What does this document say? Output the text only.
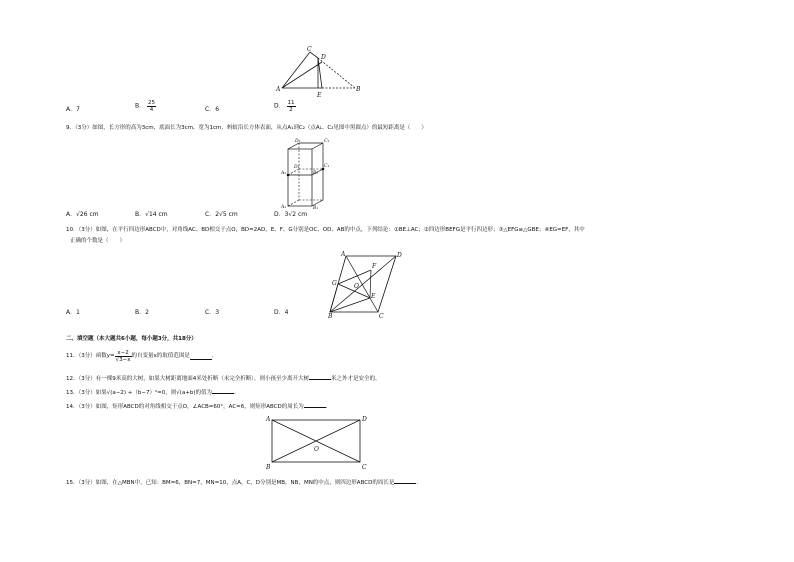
C
D
A
E
B
A．7	B． $\frac{25}{4}$	C．6	D． $\frac{11}{2}$
9．（3分）如图，长方形的高为3cm，底面长为3cm，宽为1cm，蚂蚁沿长方体表面，从点A₁到C₂（点A₁、C₂见图中黑圆点）的最短距离是（　　）
D₂	C₂
A₂	B₂
D₁	C₁
A₁	B₁
A．√26 cm	B．√14 cm	C．2√5 cm	D．3√2 cm
10．（3分）如图，在平行四边形ABCD中，对角线AC、BD相交于点O，BD=2AD，E、F、G分别是OC、OD、AB的中点，下列结论：①BE⊥AC；②四边形BEFG是平行四边形；③△EFG≌△GBE；④EG=EF，其中
正确的个数是（　　）
A	D
F
G	O
E
B	C
A．1	B．2	C．3	D．4
二、填空题（本大题共6小题，每小题3分，共18分）
11．（3分）函数$y= \frac{x-2}{√3-x}$ 的自变量x的取值范围是	．
12．（3分）有一棵9米高的大树，如果大树距离地面4米处折断（未完全折断），则小孩至少离开大树	米之外才是安全的。
13．（3分）如果√(a−2) +（b−7）²=0，则√(a+b)的值为	．
14．（3分）如图，矩形ABCD的对角线相交于点O，∠ACB=60°，AC=6，则矩形ABCD的周长为	．
A	D
O
B	C
15．（3分）如图，在△MBN中，已知：BM=6，BN=7，MN=10，点A，C，D分别是MB，NB，MN的中点，则四边形ABCD的周长是	．
